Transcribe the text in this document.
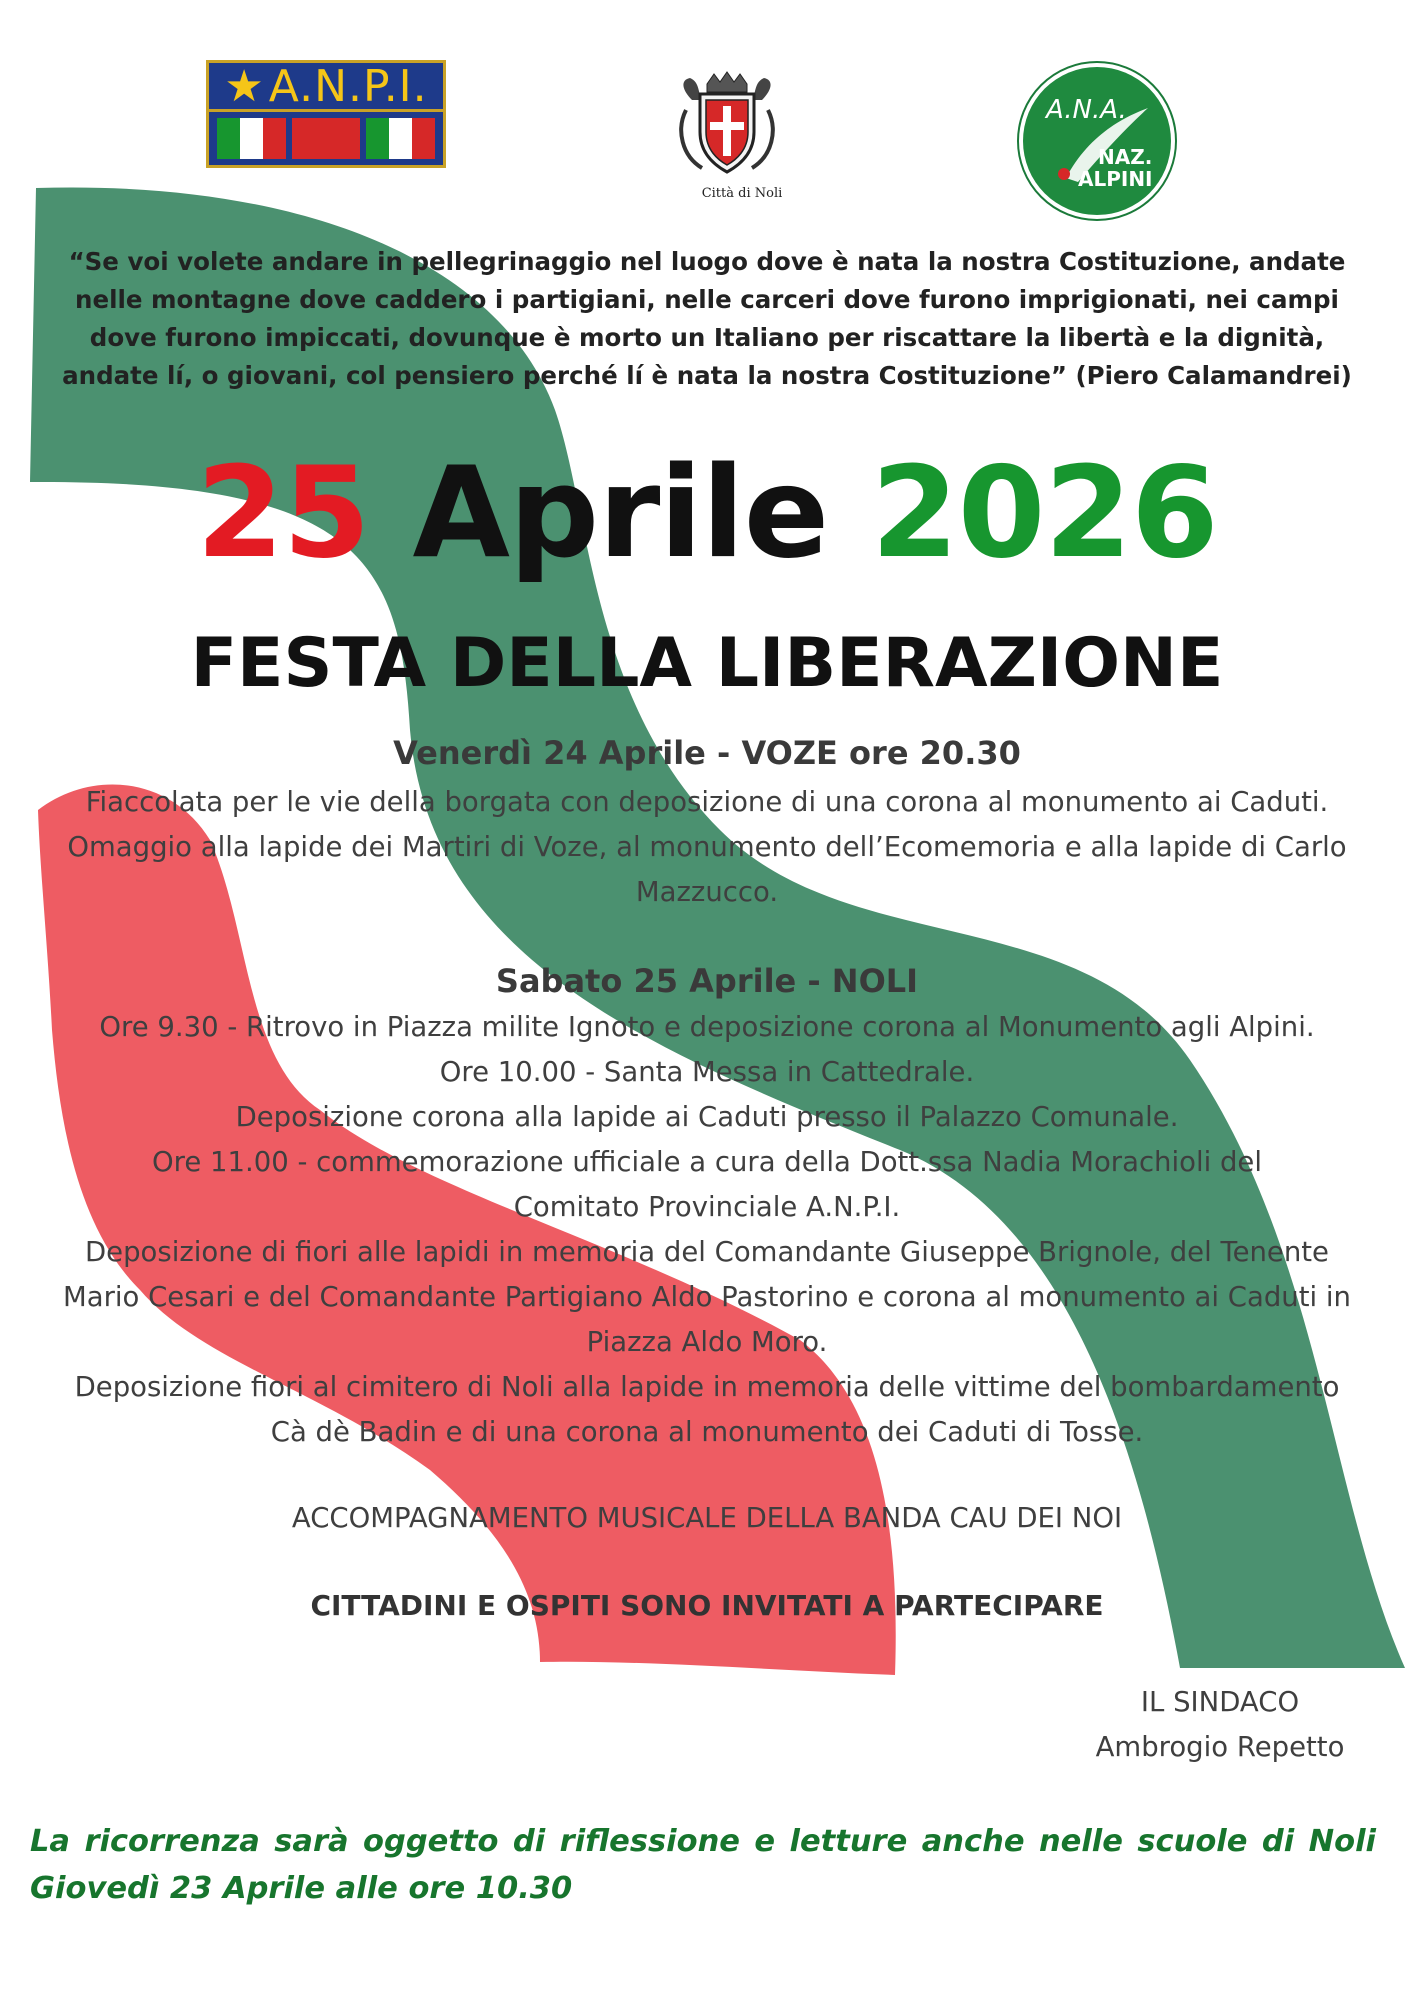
★ A.N.P.I.
Città di Noli
A.N.A.
NAZ.
ALPINI
“Se voi volete andare in pellegrinaggio nel luogo dove è nata la nostra Costituzione, andate nelle montagne dove caddero i partigiani, nelle carceri dove furono imprigionati, nei campi dove furono impiccati, dovunque è morto un Italiano per riscattare la libertà e la dignità, andate lí, o giovani, col pensiero perché lí è nata la nostra Costituzione” (Piero Calamandrei)
25 Aprile 2026
FESTA DELLA LIBERAZIONE
Venerdì 24 Aprile - VOZE ore 20.30
Fiaccolata per le vie della borgata con deposizione di una corona al monumento ai Caduti. Omaggio alla lapide dei Martiri di Voze, al monumento dell’Ecomemoria e alla lapide di Carlo Mazzucco.
Sabato 25 Aprile - NOLI

Ore 9.30 - Ritrovo in Piazza milite Ignoto e deposizione corona al Monumento agli Alpini.

Ore 10.00 - Santa Messa in Cattedrale.

Deposizione corona alla lapide ai Caduti presso il Palazzo Comunale.

Ore 11.00 - commemorazione ufficiale a cura della Dott.ssa Nadia Morachioli del Comitato Provinciale A.N.P.I.

Deposizione di fiori alle lapidi in memoria del Comandante Giuseppe Brignole, del Tenente Mario Cesari e del Comandante Partigiano Aldo Pastorino e corona al monumento ai Caduti in Piazza Aldo Moro.

Deposizione fiori al cimitero di Noli alla lapide in memoria delle vittime del bombardamento Cà dè Badin e di una corona al monumento dei Caduti di Tosse.

ACCOMPAGNAMENTO MUSICALE DELLA BANDA CAU DEI NOI
CITTADINI E OSPITI SONO INVITATI A PARTECIPARE
IL SINDACO
Ambrogio Repetto
La ricorrenza sarà oggetto di riflessione e letture anche nelle scuole di Noli
Giovedì 23 Aprile alle ore 10.30
